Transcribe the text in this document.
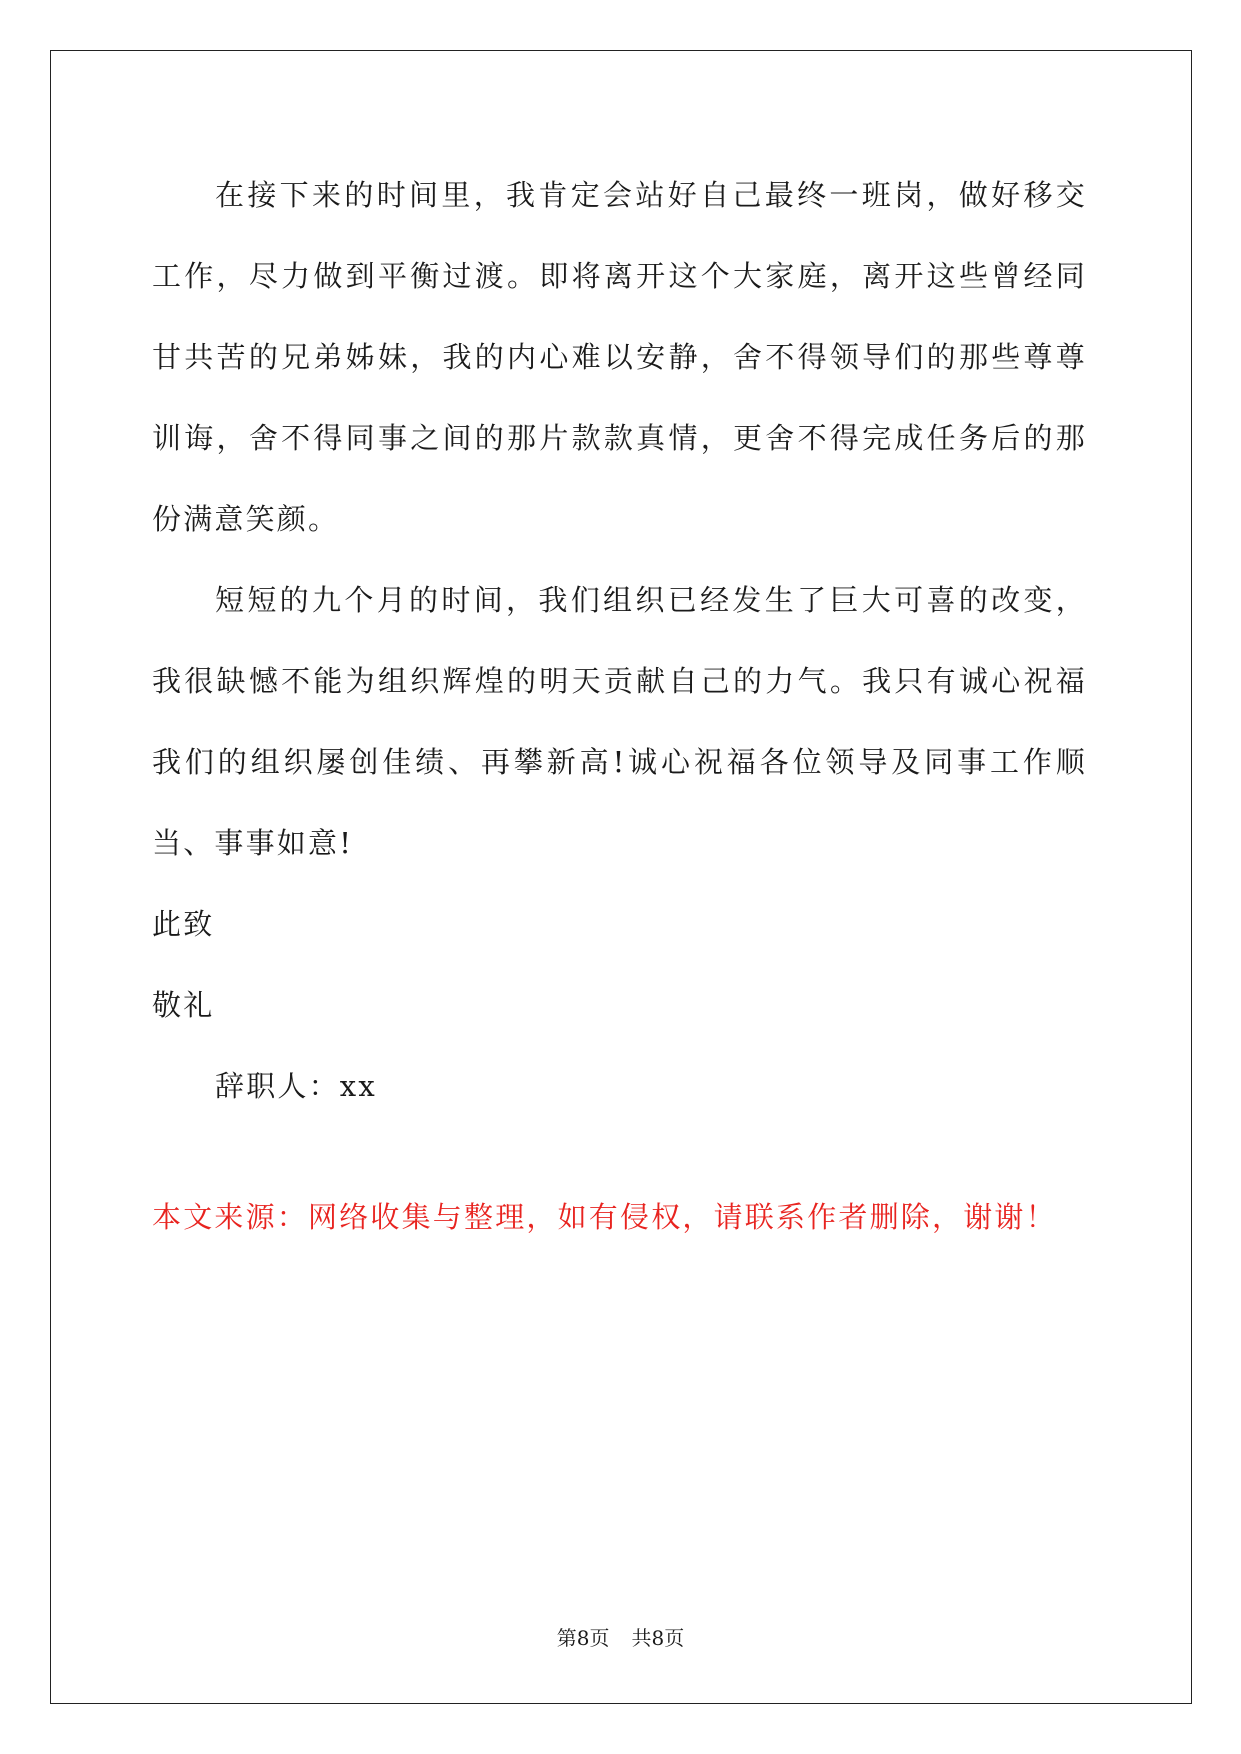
在接下来的时间里，我肯定会站好自己最终一班岗，做好移交工作，尽力做到平衡过渡。即将离开这个大家庭，离开这些曾经同甘共苦的兄弟姊妹，我的内心难以安静，舍不得领导们的那些尊尊训诲，舍不得同事之间的那片款款真情，更舍不得完成任务后的那份满意笑颜。

短短的九个月的时间，我们组织已经发生了巨大可喜的改变，我很缺憾不能为组织辉煌的明天贡献自己的力气。我只有诚心祝福我们的组织屡创佳绩、再攀新高!诚心祝福各位领导及同事工作顺当、事事如意!

此致

敬礼

辞职人：xx

本文来源：网络收集与整理，如有侵权，请联系作者删除，谢谢！

第8页 共8页
